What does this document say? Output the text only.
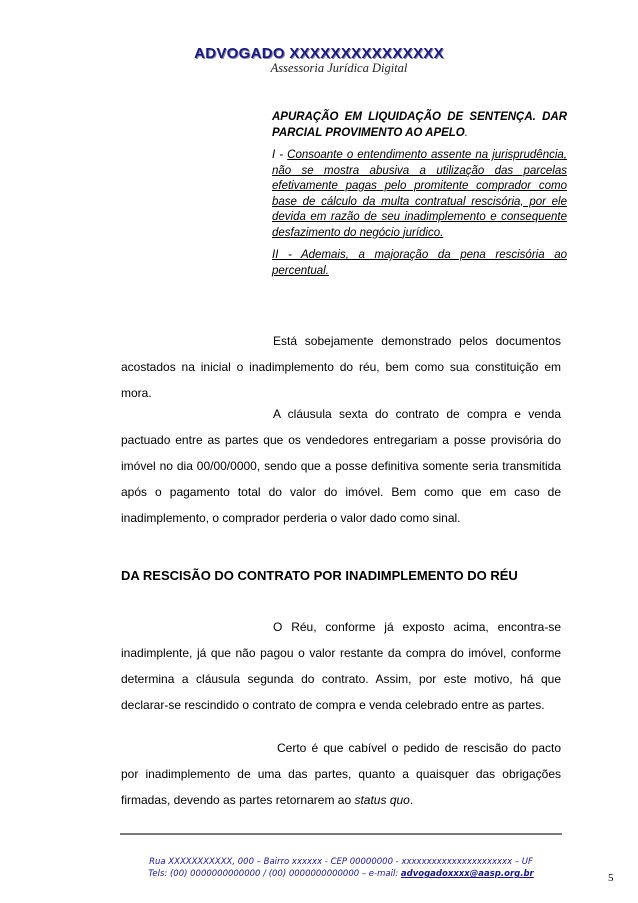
ADVOGADO XXXXXXXXXXXXXXX
Assessoria Jurídica Digital

APURAÇÃO EM LIQUIDAÇÃO DE SENTENÇA. DAR PARCIAL PROVIMENTO AO APELO.

I - Consoante o entendimento assente na jurisprudência, não se mostra abusiva a utilização das parcelas efetivamente pagas pelo promitente comprador como base de cálculo da multa contratual rescisória, por ele devida em razão de seu inadimplemento e consequente desfazimento do negócio jurídico.

II - Ademais, a majoração da pena rescisória ao percentual.

Está sobejamente demonstrado pelos documentos acostados na inicial o inadimplemento do réu, bem como sua constituição em mora.

A cláusula sexta do contrato de compra e venda pactuado entre as partes que os vendedores entregariam a posse provisória do imóvel no dia 00/00/0000, sendo que a posse definitiva somente seria transmitida após o pagamento total do valor do imóvel. Bem como que em caso de inadimplemento, o comprador perderia o valor dado como sinal.

DA RESCISÃO DO CONTRATO POR INADIMPLEMENTO DO RÉU

O Réu, conforme já exposto acima, encontra-se inadimplente, já que não pagou o valor restante da compra do imóvel, conforme determina a cláusula segunda do contrato. Assim, por este motivo, há que declarar-se rescindido o contrato de compra e venda celebrado entre as partes.

Certo é que cabível o pedido de rescisão do pacto por inadimplemento de uma das partes, quanto a quaisquer das obrigações firmadas, devendo as partes retornarem ao status quo.

Rua XXXXXXXXXXX, 000 – Bairro xxxxxx - CEP 00000000 - xxxxxxxxxxxxxxxxxxxxxx – UF
Tels: (00) 0000000000000 / (00) 0000000000000 – e-mail: advogadoxxxx@aasp.org.br	5
